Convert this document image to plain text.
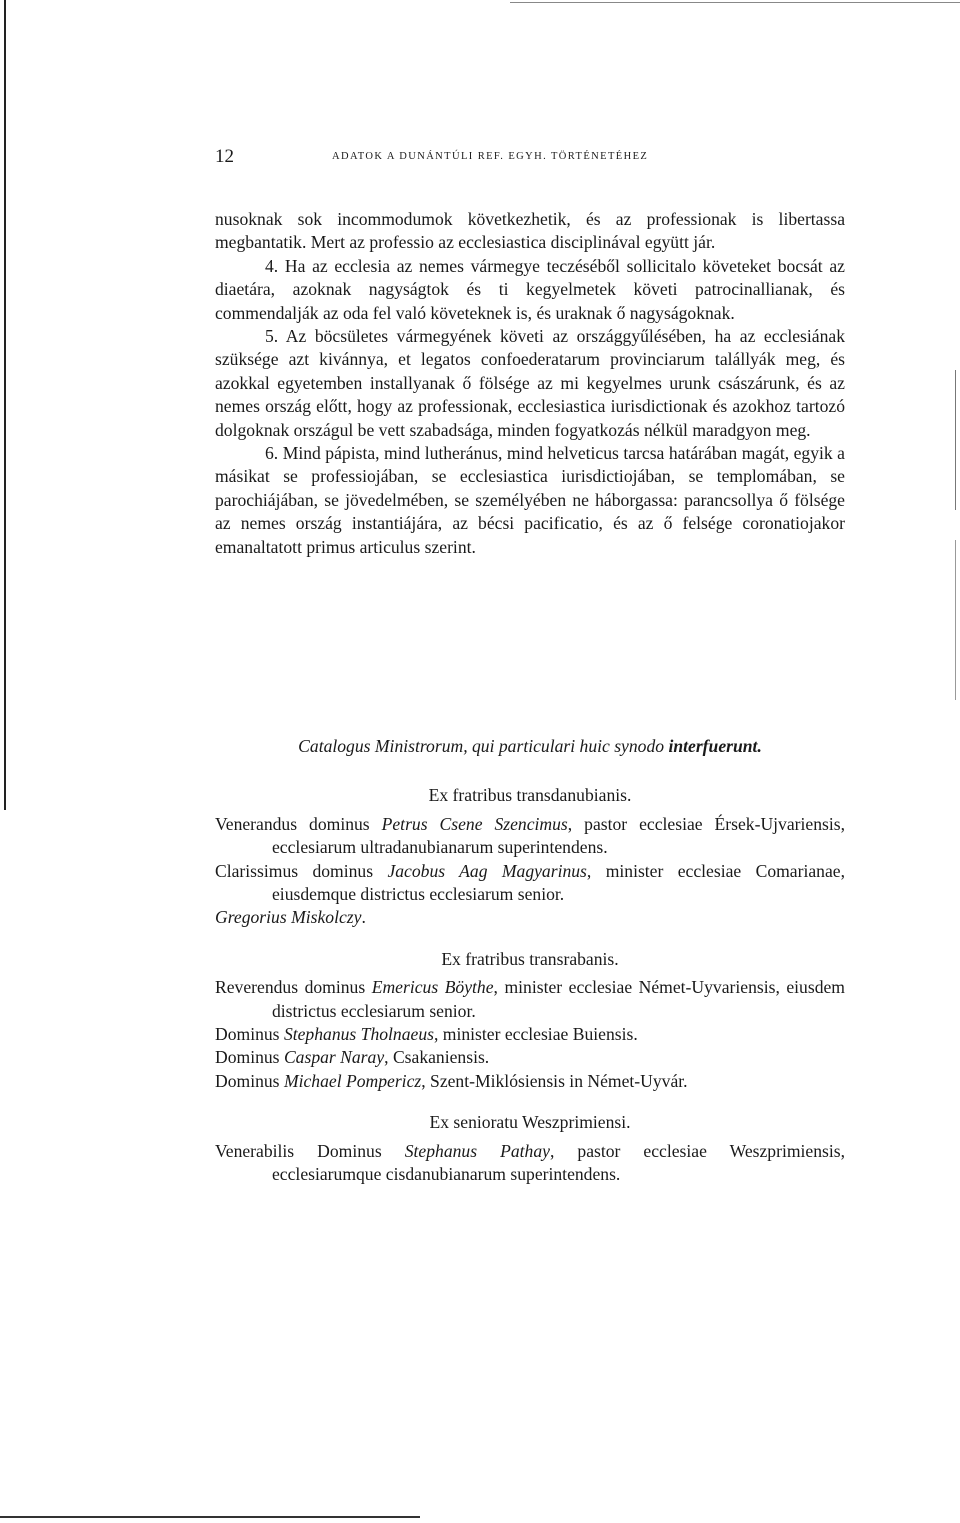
12	ADATOK A DUNÁNTÚLI REF. EGYH. TÖRTÉNETÉHEZ

nusoknak sok incommodumok következhetik, és az professionak is libertassa megbantatik. Mert az professio az ecclesiastica disciplinával együtt jár.

4. Ha az ecclesia az nemes vármegye teczéséből sollicitalo követeket bocsát az diaetára, azoknak nagyságtok és ti kegyelmetek követi patrocinallianak, és commendalják az oda fel való követeknek is, és uraknak ő nagyságoknak.

5. Az böcsületes vármegyének követi az országgyűlésében, ha az ecclesiának szüksége azt kivánnya, et legatos confoederatarum provinciarum talállyák meg, és azokkal egyetemben installyanak ő fölsége az mi kegyelmes urunk császárunk, és az nemes ország előtt, hogy az professionak, ecclesiastica iurisdictionak és azokhoz tartozó dolgoknak országul be vett szabadsága, minden fogyatkozás nélkül maradgyon meg.

6. Mind pápista, mind lutheránus, mind helveticus tarcsa határában magát, egyik a másikat se professiojában, se ecclesiastica iurisdictiojában, se templomában, se parochiájában, se jövedelmében, se személyében ne háborgassa: parancsollya ő fölsége az nemes ország instantiájára, az bécsi pacificatio, és az ő felsége coronatiojakor emanaltatott primus articulus szerint.

Catalogus Ministrorum, qui particulari huic synodo interfuerunt.

Ex fratribus transdanubianis.

Venerandus dominus Petrus Csene Szencimus, pastor ecclesiae Érsek-Ujvariensis, ecclesiarum ultradanubianarum superintendens.

Clarissimus dominus Jacobus Aag Magyarinus, minister ecclesiae Comarianae, eiusdemque districtus ecclesiarum senior.

Gregorius Miskolczy.

Ex fratribus transrabanis.

Reverendus dominus Emericus Böythe, minister ecclesiae Német-Uyvariensis, eiusdem districtus ecclesiarum senior.

Dominus Stephanus Tholnaeus, minister ecclesiae Buiensis.

Dominus Caspar Naray, Csakaniensis.

Dominus Michael Pompericz, Szent-Miklósiensis in Német-Uyvár.

Ex senioratu Weszprimiensi.

Venerabilis Dominus Stephanus Pathay, pastor ecclesiae Weszprimiensis, ecclesiarumque cisdanubianarum superintendens.
